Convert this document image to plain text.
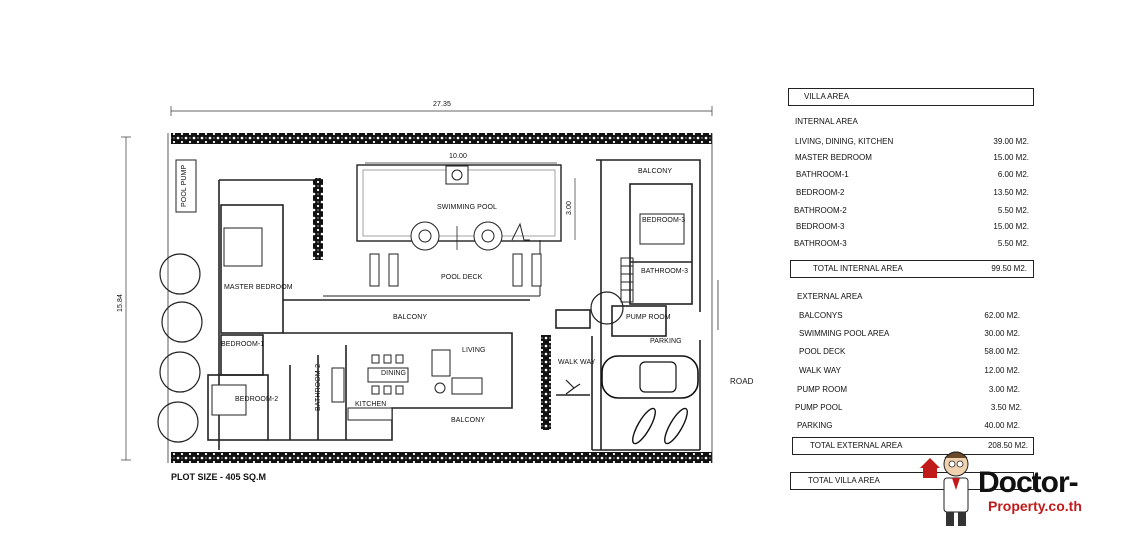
27.35
15.84
10.00
3.00
POOL PUMP
SWIMMING POOL
POOL DECK
MASTER BEDROOM
BALCONY
BALCONY
BALCONY
BEDROOM-1
BEDROOM-2
BEDROOM-3
BATHROOM-2
BATHROOM-3
DINING
LIVING
KITCHEN
WALK WAY
PUMP ROOM
PARKING
PLOT SIZE - 405 SQ.M
ROAD
VILLA AREA
INTERNAL AREA
LIVING, DINING, KITCHEN	39.00 M2.
MASTER BEDROOM	15.00 M2.
BATHROOM-1	6.00 M2.
BEDROOM-2	13.50 M2.
BATHROOM-2	5.50 M2.
BEDROOM-3	15.00 M2.
BATHROOM-3	5.50 M2.
TOTAL INTERNAL AREA	99.50 M2.
EXTERNAL AREA
BALCONYS	62.00 M2.
SWIMMING POOL AREA	30.00 M2.
POOL DECK	58.00 M2.
WALK WAY	12.00 M2.
PUMP ROOM	3.00 M2.
PUMP POOL	3.50 M2.
PARKING	40.00 M2.
TOTAL EXTERNAL AREA	208.50 M2.
TOTAL VILLA AREA	Doctor-
Property.co.th
